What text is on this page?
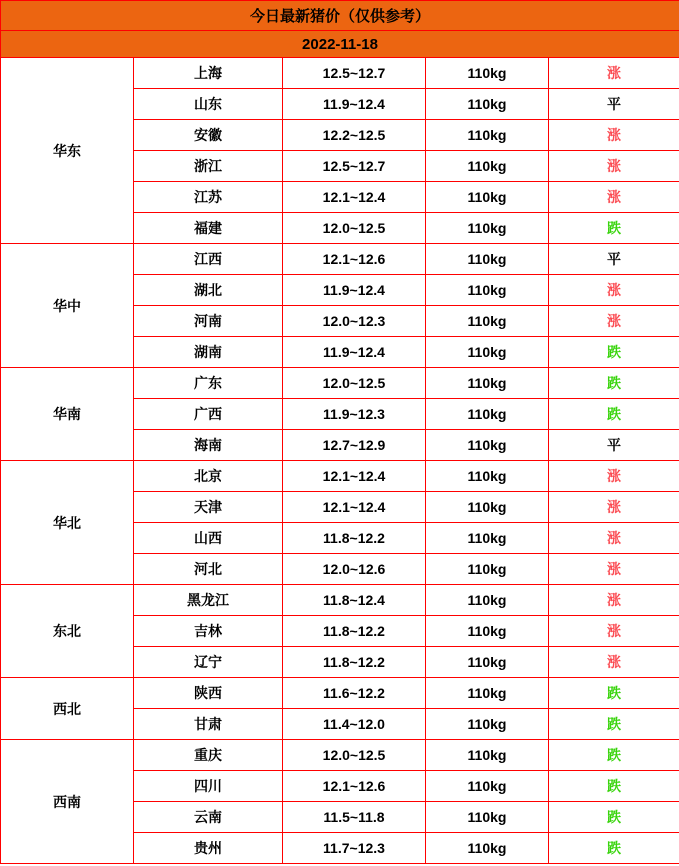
今日最新猪价（仅供参考）				
2022-11-18				
华东	上海	12.5~12.7	110kg	涨
	山东	11.9~12.4	110kg	平
	安徽	12.2~12.5	110kg	涨
	浙江	12.5~12.7	110kg	涨
	江苏	12.1~12.4	110kg	涨
	福建	12.0~12.5	110kg	跌
华中	江西	12.1~12.6	110kg	平
	湖北	11.9~12.4	110kg	涨
	河南	12.0~12.3	110kg	涨
	湖南	11.9~12.4	110kg	跌
华南	广东	12.0~12.5	110kg	跌
	广西	11.9~12.3	110kg	跌
	海南	12.7~12.9	110kg	平
华北	北京	12.1~12.4	110kg	涨
	天津	12.1~12.4	110kg	涨
	山西	11.8~12.2	110kg	涨
	河北	12.0~12.6	110kg	涨
东北	黑龙江	11.8~12.4	110kg	涨
	吉林	11.8~12.2	110kg	涨
	辽宁	11.8~12.2	110kg	涨
西北	陕西	11.6~12.2	110kg	跌
	甘肃	11.4~12.0	110kg	跌
西南	重庆	12.0~12.5	110kg	跌
	四川	12.1~12.6	110kg	跌
	云南	11.5~11.8	110kg	跌
	贵州	11.7~12.3	110kg	跌
